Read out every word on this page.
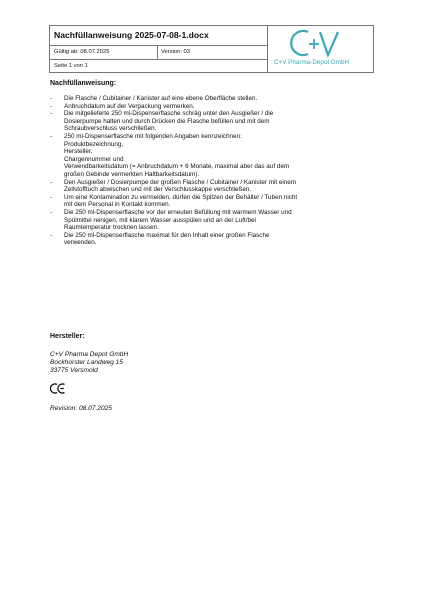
Nachfüllanweisung 2025-07-08-1.docx
Gültig ab: 08.07.2025	Version: 03
Seite 1 von 1	C+V Pharma-Depot GmbH
Nachfüllanweisung:
- Die Flasche / Cubitainer / Kanister auf eine ebene Oberfläche stellen.
- Anbruchdatum auf der Verpackung vermerken.
- Die mitgelieferte 250 ml-Dispenserflasche schräg unter den Ausgießer / die
Dosierpumpe halten und durch Drücken die Flasche befüllen und mit dem
Schraubverschluss verschließen.
- 250 ml-Dispenserflasche mit folgenden Angaben kennzeichnen:
Produktbezeichnung,
Hersteller,
Chargennummer und
Verwendbarkeitsdatum (= Anbruchdatum + 6 Monate, maximal aber das auf dem
großen Gebinde vermerkten Haltbarkeitsdatum).
- Den Ausgießer / Dosierpumpe der großen Flasche / Cubitainer / Kanister mit einem
Zellstofftuch abwischen und mit der Verschlusskappe verschließen.
- Um eine Kontamination zu vermeiden, dürfen die Spitzen der Behälter / Tuben nicht
mit dem Personal in Kontakt kommen.
- Die 250 ml-Dispenserflasche vor der erneuten Befüllung mit warmem Wasser und
Spülmittel reinigen, mit klarem Wasser ausspülen und an der Luft/bei
Raumtemperatur trocknen lassen.
- Die 250 ml-Dispenserflasche maximal für den Inhalt einer großen Flasche
verwenden.
Hersteller:
C+V Pharma Depot GmbH
Bockhorster Landweg 15
33775 Versmold
Revision: 08.07.2025
